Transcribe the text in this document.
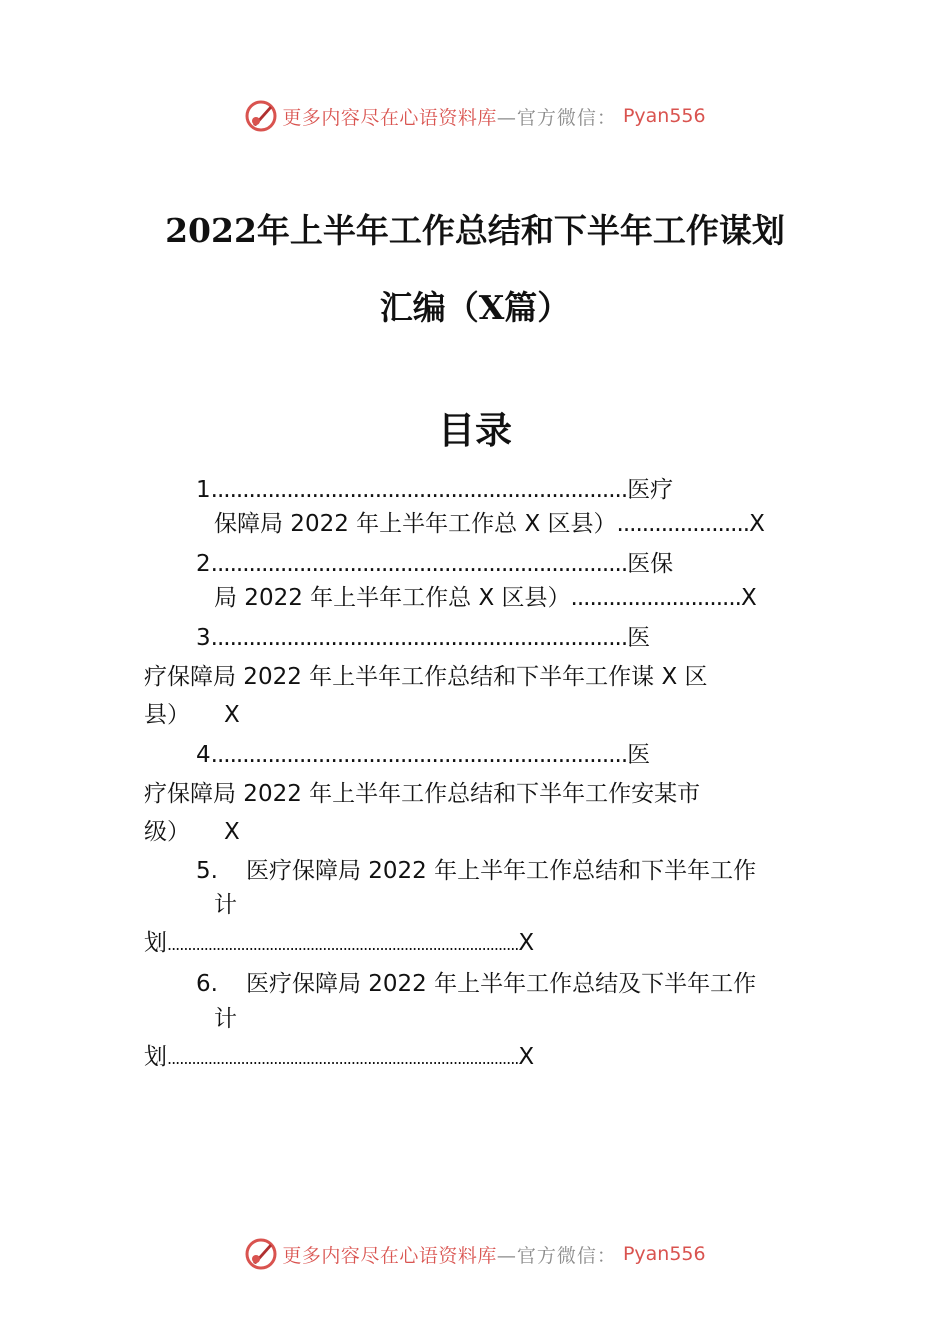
更多内容尽在心语资料库 —官方微信： Pyan556
2022年上半年工作总结和下半年工作谋划
汇编（X篇）
目录
1..................................................................医疗
保障局 2022 年上半年工作总 X 区县）.....................X
2..................................................................医保
局 2022 年上半年工作总 X 区县）...........................X
3..................................................................医
疗保障局 2022 年上半年工作总结和下半年工作谋 X 区
县） X
4..................................................................医
疗保障局 2022 年上半年工作总结和下半年工作安某市
级） X
5. 医疗保障局 2022 年上半年工作总结和下半年工作
计
划......................................................................................X
6. 医疗保障局 2022 年上半年工作总结及下半年工作
计
划......................................................................................X
更多内容尽在心语资料库 —官方微信： Pyan556
